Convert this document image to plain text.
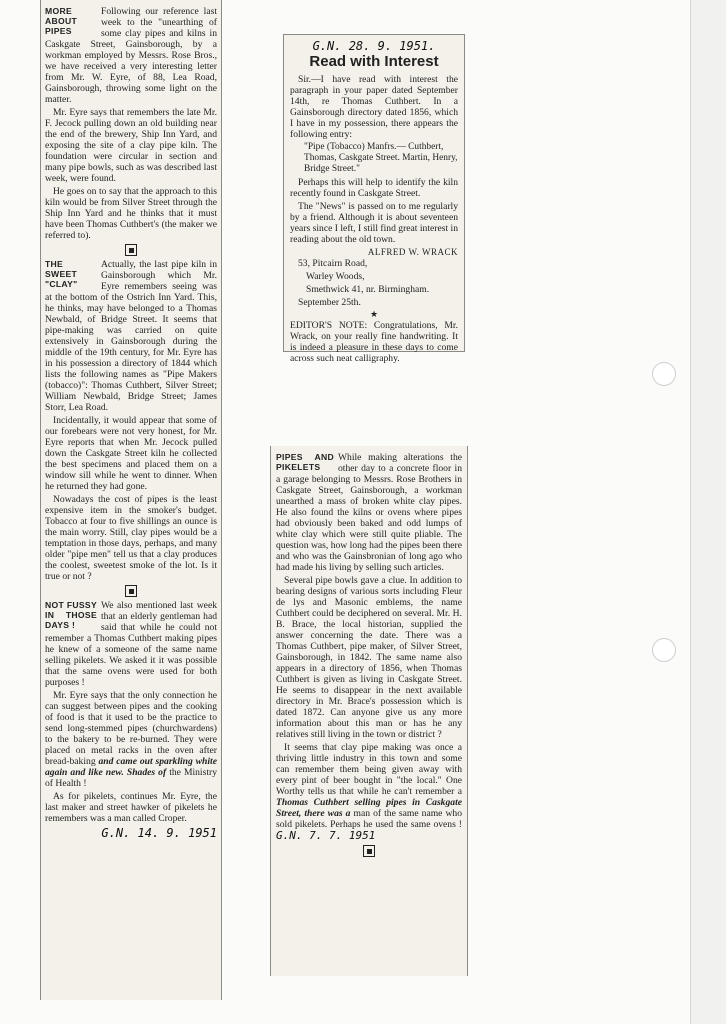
MORE ABOUT PIPES
Following our reference last week to the "unearthing of some clay pipes and kilns in Caskgate Street, Gainsborough, by a workman employed by Messrs. Rose Bros., we have received a very interesting letter from Mr. W. Eyre, of 88, Lea Road, Gainsborough, throwing some light on the matter.

Mr. Eyre says that remembers the late Mr. F. Jecock pulling down an old building near the end of the brewery, Ship Inn Yard, and exposing the site of a clay pipe kiln. The foundation were circular in section and many pipe bowls, such as was described last week, were found.

He goes on to say that the approach to this kiln would be from Silver Street through the Ship Inn Yard and he thinks that it must have been Thomas Cuthbert's (the maker we referred to).

THE SWEET "CLAY"
Actually, the last pipe kiln in Gainsborough which Mr. Eyre remembers seeing was at the bottom of the Ostrich Inn Yard. This, he thinks, may have belonged to a Thomas Newbald, of Bridge Street. It seems that pipe-making was carried on quite extensively in Gainsborough during the middle of the 19th century, for Mr. Eyre has in his possession a directory of 1844 which lists the following names as "Pipe Makers (tobacco)": Thomas Cuthbert, Silver Street; William Newbald, Bridge Street; James Storr, Lea Road.

Incidentally, it would appear that some of our forebears were not very honest, for Mr. Eyre reports that when Mr. Jecock pulled down the Caskgate Street kiln he collected the best specimens and placed them on a window sill while he went to dinner. When he returned they had gone.

Nowadays the cost of pipes is the least expensive item in the smoker's budget. Tobacco at four to five shillings an ounce is the main worry. Still, clay pipes would be a temptation in those days, perhaps, and many older "pipe men" tell us that a clay produces the coolest, sweetest smoke of the lot. Is it true or not ?

NOT FUSSY IN THOSE DAYS !
We also mentioned last week that an elderly gentleman had said that while he could not remember a Thomas Cuthbert making pipes he knew of a someone of the same name selling pikelets. We asked it it was possible that the same ovens were used for both purposes !

Mr. Eyre says that the only connection he can suggest between pipes and the cooking of food is that it used to be the practice to send long-stemmed pipes (churchwardens) to the bakery to be re-burned. They were placed on metal racks in the oven after bread-baking and came out sparkling white again and like new. Shades of the Ministry of Health !

As for pikelets, continues Mr. Eyre, the last maker and street hawker of pikelets he remembers was a man called Croper.

G.N. 14. 9. 1951
G.N. 28. 9. 1951.
Read with Interest

Sir.—I have read with interest the paragraph in your paper dated September 14th, re Thomas Cuthbert. In a Gainsborough directory dated 1856, which I have in my possession, there appears the following entry:

"Pipe (Tobacco) Manfrs.— Cuthbert, Thomas, Caskgate Street. Martin, Henry, Bridge Street."

Perhaps this will help to identify the kiln recently found in Caskgate Street.

The "News" is passed on to me regularly by a friend. Although it is about seventeen years since I left, I still find great interest in reading about the old town.

ALFRED W. WRACK

53, Pitcairn Road,

Warley Woods,

Smethwick 41, nr. Birmingham.

September 25th.

★

EDITOR'S NOTE: Congratulations, Mr. Wrack, on your really fine handwriting. It is indeed a pleasure in these days to come across such neat calligraphy.

PIPES AND PIKELETS
While making alterations the other day to a concrete floor in a garage belonging to Messrs. Rose Brothers in Caskgate Street, Gainsborough, a workman unearthed a mass of broken white clay pipes. He also found the kilns or ovens where pipes had obviously been baked and odd lumps of white clay which were still quite pliable. The question was, how long had the pipes been there and who was the Gainsbronian of long ago who had made his living by selling such articles.

Several pipe bowls gave a clue. In addition to bearing designs of various sorts including Fleur de lys and Masonic emblems, the name Cuthbert could be deciphered on several. Mr. H. B. Brace, the local historian, supplied the answer concerning the date. There was a Thomas Cuthbert, pipe maker, of Silver Street, Gainsborough, in 1842. The same name also appears in a directory of 1856, when Thomas Cuthbert is given as living in Caskgate Street. He seems to disappear in the next available directory in Mr. Brace's possession which is dated 1872. Can anyone give us any more information about this man or has he any relatives still living in the town or district ?

It seems that clay pipe making was once a thriving little industry in this town and some can remember them being given away with every pint of beer bought in "the local." One Worthy tells us that while he can't remember a Thomas Cuthbert selling pipes in Caskgate Street, there was a man of the same name who sold pikelets. Perhaps he used the same ovens ! G.N. 7. 7. 1951
